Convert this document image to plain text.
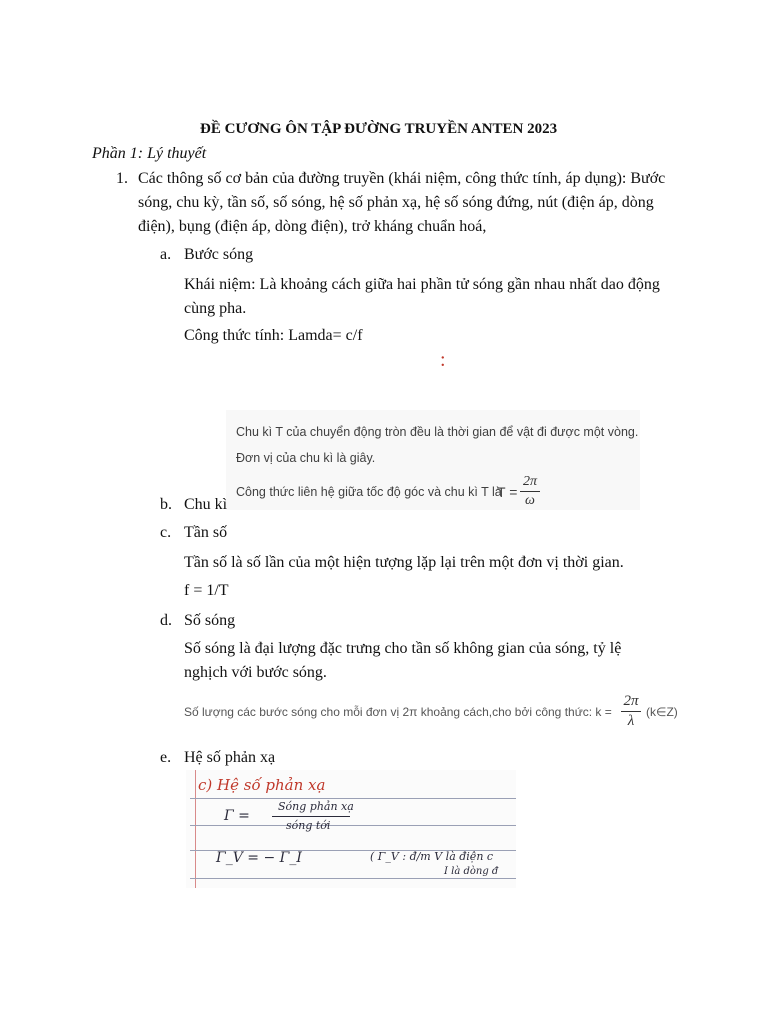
ĐỀ CƯƠNG ÔN TẬP ĐƯỜNG TRUYỀN ANTEN 2023
Phần 1: Lý thuyết
1. Các thông số cơ bản của đường truyền (khái niệm, công thức tính, áp dụng): Bước
sóng, chu kỳ, tần số, số sóng, hệ số phản xạ, hệ số sóng đứng, nút (điện áp, dòng
điện), bụng (điện áp, dòng điện), trở kháng chuẩn hoá,
a. Bước sóng
Khái niệm: Là khoảng cách giữa hai phần tử sóng gần nhau nhất dao động
cùng pha.
Công thức tính: Lamda= c/f
:
Chu kì T của chuyển động tròn đều là thời gian để vật đi được một vòng.
Đơn vị của chu kì là giây.
Công thức liên hệ giữa tốc độ góc và chu kì T là
T =
2π
ω
b. Chu kì
c. Tần số
Tần số là số lần của một hiện tượng lặp lại trên một đơn vị thời gian.
f = 1/T
d. Số sóng
Số sóng là đại lượng đặc trưng cho tần số không gian của sóng, tỷ lệ
nghịch với bước sóng.
Số lượng các bước sóng cho mỗi đơn vị 2π khoảng cách,cho bởi công thức: k =
2π
λ
(k∈Z)
e. Hệ số phản xạ
c) Hệ số phản xạ
Γ =
Sóng phản xạ
sóng tới
Γ_V = − Γ_I	( Γ_V : đ/m V là điện c
I là dòng đ
